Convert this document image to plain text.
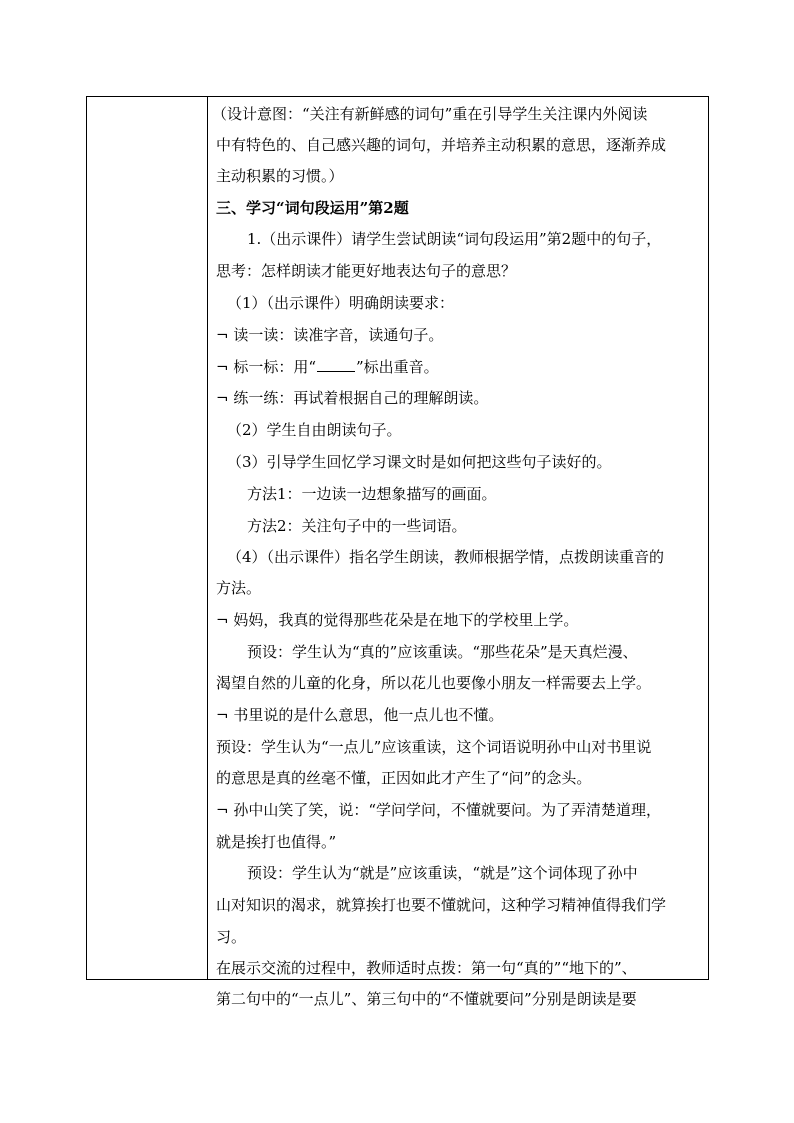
（设计意图：“关注有新鲜感的词句”重在引导学生关注课内外阅读
中有特色的、自己感兴趣的词句，并培养主动积累的意思，逐渐养成
主动积累的习惯。）
三、学习“词句段运用”第2题
1.（出示课件）请学生尝试朗读“词句段运用”第2题中的句子，
思考：怎样朗读才能更好地表达句子的意思？
（1）（出示课件）明确朗读要求：
¬ 读一读：读准字音，读通句子。
¬ 标一标：用“	”标出重音。
¬ 练一练：再试着根据自己的理解朗读。
（2）学生自由朗读句子。
（3）引导学生回忆学习课文时是如何把这些句子读好的。
方法1：一边读一边想象描写的画面。
方法2：关注句子中的一些词语。
（4）（出示课件）指名学生朗读，教师根据学情，点拨朗读重音的
方法。
¬ 妈妈，我真的觉得那些花朵是在地下的学校里上学。
预设：学生认为“真的”应该重读。“那些花朵”是天真烂漫、
渴望自然的儿童的化身，所以花儿也要像小朋友一样需要去上学。
¬ 书里说的是什么意思，他一点儿也不懂。
预设：学生认为“一点儿”应该重读，这个词语说明孙中山对书里说
的意思是真的丝毫不懂，正因如此才产生了“问”的念头。
¬ 孙中山笑了笑，说：“学问学问，不懂就要问。为了弄清楚道理，
就是挨打也值得。”
预设：学生认为“就是”应该重读，“就是”这个词体现了孙中
山对知识的渴求，就算挨打也要不懂就问，这种学习精神值得我们学
习。
在展示交流的过程中，教师适时点拨：第一句“真的”“地下的”、
第二句中的“一点儿”、第三句中的“不懂就要问”分别是朗读是要
